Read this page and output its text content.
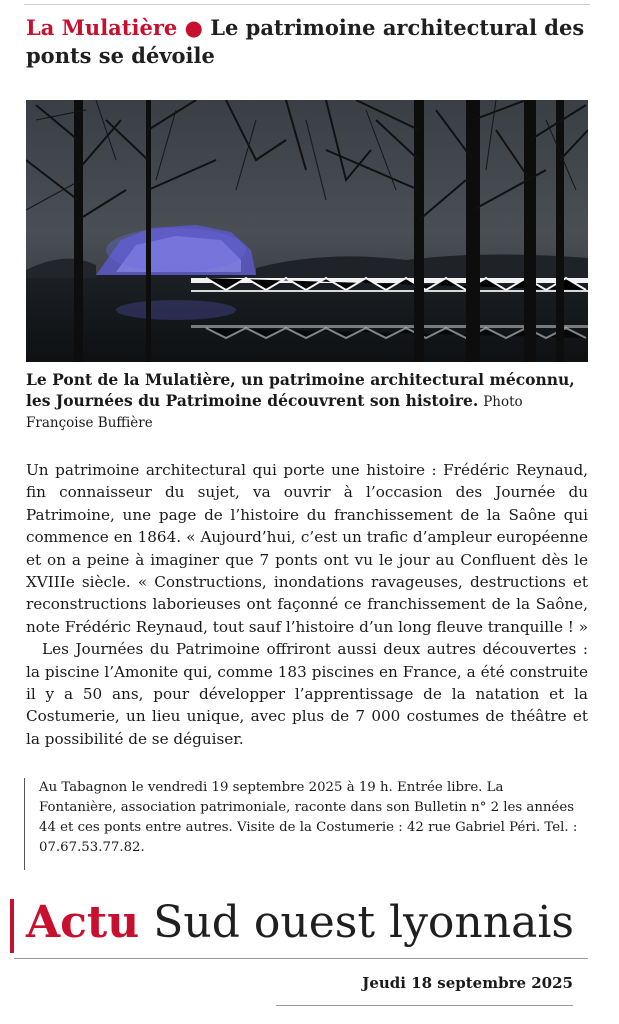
La Mulatière ● Le patrimoine architectural des ponts se dévoile

Le Pont de la Mulatière, un patrimoine architectural méconnu, les Journées du Patrimoine découvrent son histoire. Photo Françoise Buffière

Un patrimoine architectural qui porte une histoire : Frédéric Reynaud, fin connaisseur du sujet, va ouvrir à l’occasion des Journée du Patrimoine, une page de l’histoire du franchissement de la Saône qui commence en 1864. « Aujourd’hui, c’est un trafic d’ampleur européenne et on a peine à imaginer que 7 ponts ont vu le jour au Confluent dès le XVIIIe siècle. « Constructions, inondations ravageuses, destructions et reconstructions laborieuses ont façonné ce franchissement de la Saône, note Frédéric Reynaud, tout sauf l’histoire d’un long fleuve tranquille ! »

Les Journées du Patrimoine offriront aussi deux autres découvertes : la piscine l’Amonite qui, comme 183 piscines en France, a été construite il y a 50 ans, pour développer l’apprentissage de la natation et la Costumerie, un lieu unique, avec plus de 7 000 costumes de théâtre et la possibilité de se déguiser.

Au Tabagnon le vendredi 19 septembre 2025 à 19 h. Entrée libre. La Fontanière, association patrimoniale, raconte dans son Bulletin n° 2 les années 44 et ces ponts entre autres. Visite de la Costumerie : 42 rue Gabriel Péri. Tel. : 07.67.53.77.82.

Actu Sud ouest lyonnais

Jeudi 18 septembre 2025
